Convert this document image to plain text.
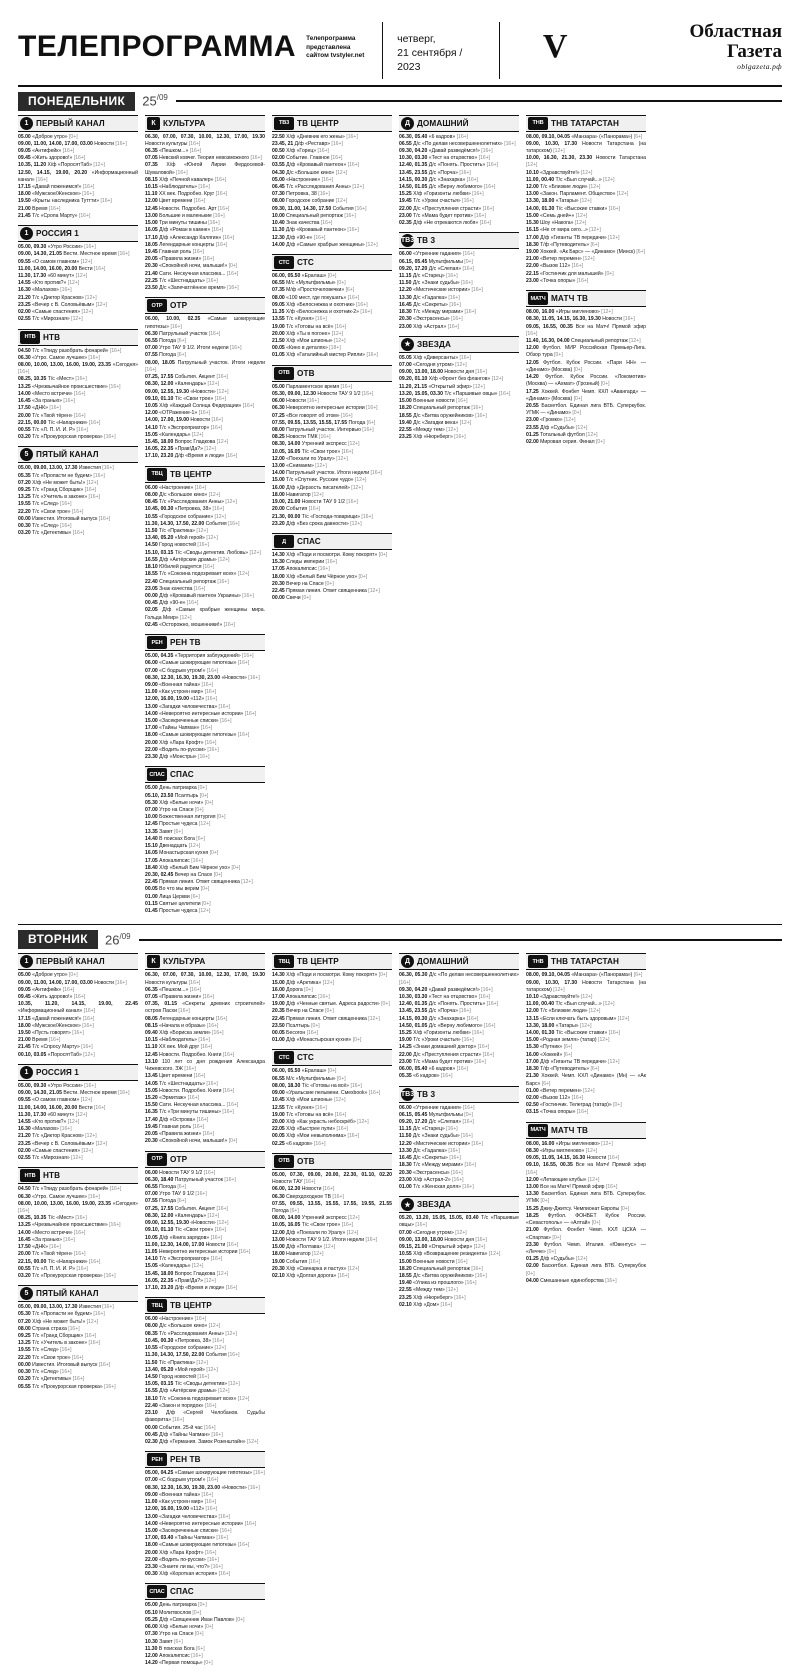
ТЕЛЕПРОГРАММА	Телепрограмма представлена сайтом tvstyler.net
четверг,
21 сентября / 2023
V	Областная
Газета
oblgazeta.рф
ПОНЕДЕЛЬНИК	$25^{/09}$
1 ПЕРВЫЙ КАНАЛ
05.00 «Доброе утро» [0+]
09.00, 11.00, 14.00, 17.00, 03.00 Новости [16+]
09.05 «Антифейк» [16+]
09.45 «Жить здорово!» [16+]
10.35, 11.20 Х/ф «ПоросятТаб» [12+]
12.50, 14.15, 19.00, 20.20 «Информационный канал» [16+]
17.15 «Давай поженимся!» [16+]
18.00 «Мужское/Женское» [16+]
19.50 «Крыты наследника Туттти» [16+]
21.00 Время [16+]
21.45 Т/с «Сропа Марту» [16+]
1 РОССИЯ 1
05.00, 09.30 «Утро России» [16+]
09.00, 14.30, 21.05 Вести. Местное время [16+]
09.55 «О самом главном» [12+]
11.00, 14.00, 16.00, 20.00 Вести [16+]
11.30, 17.30 «60 минут» [12+]
14.55 «Кто против?» [12+]
16.30 «Малахов» [16+]
21.20 Т/с «Диктор Краснов» [12+]
23.25 «Вечер с В. Соловьёвым» [12+]
02.00 «Самые спастения» [12+]
02.55 Т/с «Мирозная» [12+]
НТВ НТВ
04.50 Т/с «Тпиду разобрать фонарей» [16+]
06.30 «Утро. Самое лучшее» [16+]
08.00, 10.00, 13.00, 16.00, 19.00, 23.35 «Сегодня» [16+]
08.25, 10.35 Т/с «Мест» [16+]
13.25 «Чрезвычайное происшествие» [16+]
14.00 «Место встречи» [16+]
16.45 «За гранью» [16+]
17.50 «ДНК» [16+]
20.00 Т/с «Твой тёрен» [16+]
22.15, 00.00 Т/с «Напарники» [16+]
00.55 Т/с «Л. П. И. И. Р» [16+]
03.20 Т/с «Прокурорская проверка» [16+]
5 ПЯТЫЙ КАНАЛ
05.00, 09.00, 13.00, 17.30 Известия [16+]
05.35 Т/с «Пропасти не будем» [16+]
07.20 Х/ф «Не может быть!» [12+]
09.25 Т/с «Гранд Сборщик» [16+]
13.25 Т/с «Учитель в законе» [16+]
19.55 Т/с «След» [16+]
22.20 Т/с «Свои трое» [16+]
00.00 Известия. Итоговый выпуск [16+]
00.30 Т/с «След» [16+]
03.20 Т/с «Детективы» [16+]
К КУЛЬТУРА
06.30, 07.00, 07.30, 10.00, 12.30, 17.00, 19.30 Новости культуры [16+]
06.35 «Пешком...» [16+]
07.05 Невский ковчег. Теория невозможного [16+]
07.35 Х/ф «Юнгой Лирии Фердосевой-Шуваловой» [16+]
08.15 Х/ф «Печной кавалер» [16+]
10.15 «Наблюдатель» [16+]
11.10 ХХ век. Подробно. Круг [16+]
12.00 Цвет времени [16+]
12.45 Новости. Подробно. Арт [16+]
13.00 Большие и маленькие [16+]
15.00 Три минуты тишины [16+]
16.05 Д/ф «Роман в камне» [16+]
17.10 Д/ф «Александр Калягин» [16+]
18.05 Легендарные концерты [16+]
19.45 Главная роль [16+]
20.05 «Правила жизни» [16+]
20.30 «Спокойной ночи, малыши!» [0+]
21.40 Сати. Нескучная классика... [16+]
22.25 Т/с «Шестнадцать» [16+]
23.50 Д/с «Запечатлённое время» [16+]
ОТР ОТР
06.00, 10.00, 02.35 «Самые шокирующие гипотезы» [16+]
06.30 Патрульный участок [16+]
06.55 Погода [6+]
07.00 Утро ТАУ 9 1/2. Итоги недели [16+]
07.55 Погода [6+]
08.00, 18.05 Патрульный участок. Итоги недели [16+]
07.25, 17.55 События. Акцент [16+]
08.30, 12.00 «Календарь» [12+]
09.00, 12.55, 19.30 «Новости» [12+]
09.10, 01.10 Т/с «Свои трое» [16+]
10.05 Х/ф «Каждый Солнца Федерации» [16+]
12.00 «ОТРажение-1» [16+]
14.00, 17.00, 19.00 Новости [16+]
14.10 Т/с «Экспроприатор» [16+]
15.05 «Календарь» [12+]
15.45, 18.00 Вопрос Гладкова [12+]
16.05, 22.35 «Прав!Да?» [12+]
17.10, 23.20 Д/ф «Время и люди» [16+]
ТВЦ ТВ ЦЕНТР
06.00 «Настроение» [16+]
08.00 Д/с «Большое кино» [12+]
08.45 Т/с «Расследования Анны» [12+]
10.45, 00.30 «Петровка, 38» [16+]
10.55 «Городское собрание» [12+]
11.30, 14.30, 17.50, 22.00 События [16+]
11.50 Т/с «Практика» [12+]
13.40, 05.20 «Мой герой» [12+]
14.50 Город новостей [16+]
15.10, 03.15 Т/с «Своды детектив. Любовь» [12+]
16.55 Д/ф «Актёрские драмы» [12+]
18.10 Юбилей радуется [16+]
18.55 Т/с «Сокоина подозревает всех» [12+]
22.40 Специальный репортаж [16+]
23.05 Знак качества [16+]
00.00 Д/ф «Кровавый пантеон Украины» [16+]
00.45 Д/ф «90-е» [16+]
02.05 Д/ф «Самые храбрые женщины мира. Гольда Меир» [12+]
02.45 «Осторожно, мошенники!» [16+]
РЕН РЕН ТВ
05.00, 04.35 «Территория заблуждений» [16+]
06.00 «Самые шокирующие гипотезы» [16+]
07.00 «С бодрым утром!» [16+]
08.30, 12.30, 16.30, 19.30, 23.00 «Новости» [16+]
09.00 «Военная тайна» [16+]
11.00 «Как устроен мир» [16+]
12.00, 16.00, 19.00 «112» [16+]
13.00 «Загадки человечества» [16+]
14.00 «Невероятно интересные истории» [16+]
15.00 «Засекреченные списки» [16+]
17.00 «Тайны Чапман» [16+]
18.00 «Самые шокирующие гипотезы» [16+]
20.00 Х/ф «Лара Крофт» [16+]
22.00 «Водить по-русски» [16+]
23.30 Д/ф «Монстры» [16+]
СПАС СПАС
05.00 День патриарха [0+]
05.10, 23.50 Псалтырь [0+]
05.30 Х/ф «Белые ночи» [0+]
07.00 Утро на Спасе [0+]
10.00 Божественная литургия [0+]
12.45 Простые чудеса [12+]
13.35 Завет [6+]
14.40 В поисках Бога [6+]
15.10 Двенадцать [12+]
16.05 Монастырская кухня [0+]
17.05 Апокалипсис [16+]
18.40 Х/ф «Белый Бим Чёрное ухо» [0+]
20.30, 02.45 Вечер на Спасе [0+]
22.45 Прямая линия. Ответ священника [12+]
00.05 Во что мы верим [0+]
01.00 Лица Церкви [6+]
01.15 Святые целители [0+]
01.45 Простые чудеса [12+]
ТВ3 ТВ ЦЕНТР
22.50 Х/ф «Дневник его жены» [16+]
23.45, 21 Д/ф «Реставр» [16+]
00.50 Х/ф «Горец» [16+]
02.00 Событие. Главное [16+]
03.55 Д/ф «Кровавый пантеон» [16+]
04.30 Д/с «Большое кино» [12+]
05.00 «Настроение» [16+]
06.45 Т/с «Расследования Анны» [12+]
07.30 Петровка, 38 [16+]
08.00 Городское собрание [12+]
09.30, 11.00, 14.30, 17.50 События [16+]
10.00 Специальный репортаж [16+]
10.40 Знак качества [16+]
11.30 Д/ф «Кровавый пантеон» [16+]
12.30 Д/ф «90-е» [16+]
14.00 Д/ф «Самые храбрые женщины» [12+]
СТС СТС
06.00, 05.50 «Ералаш» [0+]
06.55 М/с «Мультфильмы» [0+]
07.35 М/ф «Просточеловечки» [6+]
08.00 «100 мест, где покушать» [16+]
09.05 Х/ф «Белоснежка и охотник» [16+]
11.35 Х/ф «Белоснежка и охотник-2» [16+]
13.55 Т/с «Кухня» [16+]
19.00 Т/с «Готовы на всё» [16+]
20.00 Х/ф «Ты в погоне» [12+]
21.50 Х/ф «Мои шпионы» [12+]
00.05 «Кино в деталях» [18+]
01.05 Х/ф «Гаталийный мистер Рипли» [16+]
ОТВ ОТВ
05.00 Парламентское время [16+]
05.30, 09.00, 12.30 Новости ТАУ 9 1/2 [16+]
06.00 Новости [16+]
06.30 Невероятно интересные истории [16+]
07.25 «Все говорят об этом» [16+]
07.55, 09.55, 13.55, 15.55, 17.55 Погода [6+]
08.00 Патрульный участок. Интервью [16+]
08.25 Новости ТМК [16+]
08.30, 14.00 Утренний экспресс [12+]
10.05, 16.05 Т/с «Свои трое» [16+]
12.00 «Поехали по Уралу» [12+]
13.00 «Снимаем» [12+]
14.00 Патрульный участок. Итоги недели [16+]
15.00 Т/с «Спутник. Русские чудо» [12+]
16.00 Д/ф «Дерзость писателей» [12+]
18.00 Навигатор [12+]
19.00, 21.00 Новости ТАУ 9 1/2 [16+]
20.00 События [16+]
21.30, 00.00 Т/с «Господа-товарищи» [16+]
23.20 Д/ф «Без срока давности» [12+]
Д	СПАС
14.30 Х/ф «Поди и посмотри. Кому покорят» [0+]
15.30 Следы империи [16+]
17.05 Апокалипсис [16+]
18.00 Х/ф «Белый Бим Чёрное ухо» [0+]
20.30 Вечер на Спасе [0+]
22.45 Прямая линия. Ответ священника [12+]
00.00 Свечи [0+]
Д ДОМАШНИЙ
06.30, 05.40 «6 кадров» [16+]
06.55 Д/с «По делам несовершеннолетних» [16+]
09.30, 04.20 «Давай разведёмся!» [16+]
10.30, 03.30 «Тест на отцовство» [16+]
12.40, 01.35 Д/с «Понять. Простить» [16+]
13.45, 23.55 Д/с «Порча» [16+]
14.15, 00.30 Д/с «Знахарка» [16+]
14.50, 01.05 Д/с «Верну любимого» [16+]
15.25 Х/ф «Горизонты любви» [16+]
19.45 Т/с «Уроки счастья» [16+]
22.00 Д/с «Преступления страсти» [16+]
23.00 Т/с «Мама будет против» [16+]
02.35 Д/ф «Не отрекаются любя» [16+]
ТВ3 ТВ 3
06.00 «Утренние гадания» [16+]
06.15, 05.45 Мультфильмы [0+]
09.20, 17.20 Д/с «Слепая» [16+]
11.15 Д/с «Старец» [16+]
11.50 Д/с «Знаки судьбы» [16+]
12.20 «Мистические истории» [16+]
13.30 Д/с «Гадалка» [16+]
16.45 Д/с «Секреты» [16+]
18.30 Т/с «Между мирами» [16+]
20.30 «Экстрасенсы» [16+]
23.00 Х/ф «Астрал» [16+]
★ ЗВЕЗДА
05.05 Х/ф «Диверсанты» [16+]
07.00 «Сегодня утром» [12+]
09.00, 13.00, 18.00 Новости дня [16+]
09.20, 01.10 Х/ф «Фронт без флангов» [12+]
11.20, 21.15 «Открытый эфир» [12+]
13.20, 15.05, 03.30 Т/с «Паршивые овцы» [16+]
15.00 Военные новости [16+]
18.20 Специальный репортаж [16+]
18.55 Д/с «Битва оружейников» [16+]
19.40 Д/с «Загадки века» [12+]
22.55 «Между тем» [12+]
23.25 Х/ф «Нюрнберг» [16+]
ТНВ ТНВ ТАТАРСТАН
08.00, 09.10, 04.05 «Манзара» («Панорама») [6+]
09.00, 10.30, 17.30 Новости Татарстана (на татарском) [12+]
10.00, 16.30, 21.30, 23.30 Новости Татарстана [12+]
10.10 «Здравствуйте!» [12+]
11.00, 00.40 Т/с «Был случай...» [12+]
12.00 Т/с «Близкие люди» [12+]
13.00 «Закон. Парламент. Общество» [12+]
13.30, 18.00 «Татары» [12+]
14.00, 01.30 Т/с «Высокие ставки» [16+]
15.00 «Семь дней+» [12+]
15.30 Шоу «Накога» [12+]
16.15 «Не от мира сего...» [12+]
17.00 Д/ф «Гиганты ТВ передачи» [12+]
18.30 Т/ф «Путеводитель» [6+]
19.00 Хоккей. «Ак Барс» — «Динамо» (Минск) [6+]
21.00 «Ветер перемен» [12+]
22.00 «Вызов 112» [16+]
22.15 «Гостинчик для малышей» [0+]
23.00 «Точка опоры» [16+]
МАТЧ МАТЧ ТВ
08.00, 16.00 «Игры мигленово» [12+]
08.30, 11.05, 14.15, 16.30, 19.30 Новости [16+]
09.05, 16.55, 00.35 Все на Матч! Прямой эфир [16+]
11.40, 16.30, 04.00 Специальный репортаж [12+]
12.00 Футбол. МИР Российская Премьер-Лига. Обзор тура [0+]
12.05 Футбол. Кубок России. «Пари НН» — «Динамо» (Москва) [0+]
14.20 Футбол. Кубок России. «Локомотив» (Москва) — «Ахмат» (Грозный) [0+]
17.25 Хоккей. Фонбет Чемп. КХЛ «Авангард» — «Динамо» (Москва) [0+]
20.55 Баскетбол. Единая лига ВТБ. Суперкубок. УГМК — «Динамо» [0+]
23.00 «Громко» [12+]
23.55 Д/ф «Судьбы» [12+]
01.25 Тотальный футбол [12+]
02.00 Мировая серия. Финал [0+]
ВТОРНИК	$26^{/09}$
1 ПЕРВЫЙ КАНАЛ
05.00 «Доброе утро» [0+]
09.00, 11.00, 14.00, 17.00, 03.00 Новости [16+]
09.05 «Антифейк» [16+]
09.45 «Жить здорово!» [16+]
10.35, 11.20, 14.15, 19.00, 22.45 «Информационный канал» [16+]
17.15 «Давай поженимся!» [16+]
18.00 «Мужское/Женское» [16+]
19.50 «Пусть говорят» [16+]
21.00 Время [16+]
21.45 Т/с «Спросу Марту» [16+]
00.10, 03.05 «ПоросятТаб» [12+]
1 РОССИЯ 1
05.00, 09.30 «Утро России» [16+]
09.00, 14.30, 21.05 Вести. Местное время [16+]
09.55 «О самом главном» [12+]
11.00, 14.00, 16.00, 20.00 Вести [16+]
11.30, 17.30 «60 минут» [12+]
14.55 «Кто против?» [12+]
16.30 «Малахов» [16+]
21.20 Т/с «Диктор Краснов» [12+]
23.25 «Вечер с В. Соловьёвым» [12+]
02.00 «Самые спастения» [12+]
02.55 Т/с «Мирозная» [12+]
НТВ НТВ
04.50 Т/с «Тпиду разобрать фонарей» [16+]
06.30 «Утро. Самое лучшее» [16+]
08.00, 10.00, 13.00, 16.00, 19.00, 23.35 «Сегодня» [16+]
08.25, 10.35 Т/с «Мест» [16+]
13.25 «Чрезвычайное происшествие» [16+]
14.00 «Место встречи» [16+]
16.45 «За гранью» [16+]
17.50 «ДНК» [16+]
20.00 Т/с «Твой тёрен» [16+]
22.15, 00.00 Т/с «Напарники» [16+]
00.55 Т/с «Л. П. И. И. Р» [16+]
03.20 Т/с «Прокурорская проверка» [16+]
5 ПЯТЫЙ КАНАЛ
05.00, 09.00, 13.00, 17.30 Известия [16+]
05.30 Т/с «Пропасти не будем» [16+]
07.20 Х/ф «Не может быть!» [12+]
08.00 Страна страха [16+]
09.25 Т/с «Гранд Сборщик» [16+]
13.25 Т/с «Учитель в законе» [16+]
19.55 Т/с «След» [16+]
22.20 Т/с «Свои трое» [16+]
00.00 Известия. Итоговый выпуск [16+]
00.30 Т/с «След» [16+]
03.20 Т/с «Детективы» [16+]
05.55 Т/с «Прокурорская проверка» [16+]
К КУЛЬТУРА
06.30, 07.00, 07.30, 10.00, 12.30, 17.00, 19.30 Новости культуры [16+]
06.35 «Пешком...» [16+]
07.05 «Правила жизни» [16+]
07.35, 01.15 «Секреты древних строителей» остров Пасхи [16+]
08.05 Легендарные концерты [16+]
08.15 «Начала и образы» [16+]
09.40 Х/ф «Бориска земли» [16+]
10.15 «Наблюдатель» [16+]
11.10 ХХ век. Мой друг [16+]
12.45 Новости. Подробно. Книги [16+]
13.10 110 лет со дня рождения Александра Чижевского. ЗЖ [16+]
13.45 Цвет времени [16+]
14.05 Т/с «Шестнадцать» [16+]
15.05 Новости. Подробно. Книги [16+]
15.20 «Эрмитаж» [16+]
15.50 Сати. Нескучная классика... [16+]
16.35 Т/с «Три минуты тишины» [16+]
17.40 Д/ф «Острова» [16+]
19.45 Главная роль [16+]
20.05 «Правила жизни» [16+]
20.30 «Спокойной ночи, малыши!» [0+]
ОТР ОТР
06.00 Новости ТАУ 9 1/2 [16+]
06.30, 18.40 Патрульный участок [16+]
06.55 Погода [6+]
07.00 Утро ТАУ 9 1/2 [16+]
07.55 Погода [6+]
07.25, 17.55 События. Акцент [16+]
08.30, 12.00 «Календарь» [12+]
09.00, 12.55, 19.30 «Новости» [12+]
09.10, 01.10 Т/с «Свои трое» [16+]
10.05 Д/ф «Книга зарядов» [16+]
11.00, 12.30, 14.00, 17.00 Новости [16+]
11.05 Невероятно интересные истории [16+]
14.10 Т/с «Экспроприатор» [16+]
15.05 «Календарь» [12+]
15.45, 18.00 Вопрос Гладкова [12+]
16.05, 22.35 «Прав!Да?» [12+]
17.10, 23.20 Д/ф «Время и люди» [16+]
ТВЦ ТВ ЦЕНТР
06.00 «Настроение» [16+]
08.00 Д/с «Большое кино» [12+]
08.35 Т/с «Расследования Анны» [12+]
10.45, 00.30 «Петровка, 38» [16+]
10.55 «Городское собрание» [12+]
11.30, 14.30, 17.50, 22.00 События [16+]
11.50 Т/с «Практика» [12+]
13.40, 05.20 «Мой герой» [12+]
14.50 Город новостей [16+]
15.05, 03.15 Т/с «Своды детектив» [12+]
16.55 Д/ф «Актёрские драмы» [12+]
18.10 Т/с «Сокоина подозревает всех» [12+]
22.40 «Закон и порядок» [16+]
23.10 Д/ф «Сергей Челобанов. Судьбы фаворита» [16+]
00.00 События. 25-й час [16+]
00.45 Д/ф «Тайны Чапман» [16+]
02.30 Д/ф «Германия. Замок Розенштайн» [12+]
РЕН РЕН ТВ
05.00, 04.25 «Самые шокирующие гипотезы» [16+]
07.00 «С бодрым утром!» [16+]
08.30, 12.30, 16.30, 19.30, 23.00 «Новости» [16+]
09.00 «Военная тайна» [16+]
11.00 «Как устроен мир» [16+]
12.00, 16.00, 19.00 «112» [16+]
13.00 «Загадки человечества» [16+]
14.00 «Невероятно интересные истории» [16+]
15.00 «Засекреченные списки» [16+]
17.00, 03.40 «Тайны Чапман» [16+]
18.00 «Самые шокирующие гипотезы» [16+]
20.00 Х/ф «Лара Крофт» [16+]
22.00 «Водить по-русски» [16+]
23.30 «Знаете ли вы, что?» [16+]
00.30 Х/ф «Короткая история» [16+]
СПАС СПАС
05.00 День патриарха [0+]
05.10 Молитвослов [0+]
05.25 Д/ф «Священник Иван Павлов» [0+]
06.00 Х/ф «Белые ночи» [0+]
07.30 Утро на Спасе [0+]
10.30 Завет [6+]
11.30 В поисках Бога [6+]
12.00 Апокалипсис [16+]
14.20 «Первая помощь» [0+]
ТВЦ ТВ ЦЕНТР
14.30 Х/ф «Поди и посмотри. Кому покорят» [0+]
15.00 Д/ф «Арктика» [12+]
16.00 Дорога [0+]
17.00 Апокалипсис [16+]
19.00 Д/ф «Ченные святые. Адреса радости» [0+]
20.35 Вечер на Спасе [0+]
22.45 Прямая линия. Ответ священника [12+]
23.50 Псалтырь [0+]
00.05 Бесогон [16+]
01.00 Д/ф «Монастырская кухня» [0+]
СТС СТС
06.00, 05.50 «Ералаш» [0+]
06.55 М/с «Мультфильмы» [0+]
08.00, 18.30 Т/с «Готовы на всё» [16+]
09.00 «Уральские пельмени. Смехbook» [16+]
10.45 Х/ф «Мои шпионы» [12+]
12.55 Т/с «Кухня» [16+]
19.00 Т/с «Готовы на всё» [16+]
20.00 Х/ф «Как украсть небоскрёб» [12+]
22.05 Х/ф «Быстрее пули» [16+]
00.05 Х/ф «Мои невыполнима» [16+]
02.25 «6 кадров» [16+]
ОТВ ОТВ
05.00, 07.30, 09.00, 20.00, 22.30, 01.10, 02.20 Новости ТАУ [16+]
06.00, 12.30 Новости [16+]
06.30 Сверхдоходное ТВ [16+]
07.55, 09.55, 13.55, 15.55, 17.55, 19.55, 21.55 Погода [6+]
08.00, 14.00 Утренний экспресс [12+]
10.05, 16.05 Т/с «Свои трое» [16+]
12.00 Д/ф «Поехали по Уралу» [12+]
13.00 Новости ТАУ 9 1/2. Итоги недели [16+]
15.00 Д/ф «Полтава» [12+]
18.00 Навигатор [12+]
19.00 События [16+]
20.30 Х/ф «Свинарка и пастух» [12+]
02.10 Х/ф «Долгая дорога» [16+]
Д ДОМАШНИЙ
06.30, 05.30 Д/с «По делам несовершеннолетних» [16+]
09.30, 04.20 «Давай разведёмся!» [16+]
10.30, 03.30 «Тест на отцовство» [16+]
12.40, 01.35 Д/с «Понять. Простить» [16+]
13.45, 23.55 Д/с «Порча» [16+]
14.15, 00.30 Д/с «Знахарка» [16+]
14.50, 01.05 Д/с «Верну любимого» [16+]
15.25 Х/ф «Горизонты любви» [16+]
19.00 Т/с «Уроки счастья» [16+]
14.25 «Знаки домашний доктор» [16+]
22.00 Д/с «Преступления страсти» [16+]
23.00 Т/с «Мама будет против» [16+]
06.00, 05.40 «6 кадров» [16+]
05.35 «6 кадров» [16+]
ТВ3 ТВ 3
06.00 «Утренние гадания» [16+]
06.15, 05.45 Мультфильмы [0+]
09.20, 17.20 Д/с «Слепая» [16+]
11.15 Д/с «Старец» [16+]
11.50 Д/с «Знаки судьбы» [16+]
12.20 «Мистические истории» [16+]
13.30 Д/с «Гадалка» [16+]
16.45 Д/с «Секреты» [16+]
18.30 Т/с «Между мирами» [16+]
20.30 «Экстрасенсы» [16+]
23.00 Х/ф «Астрал-2» [16+]
01.00 Т/с «Женская доля» [16+]
★ ЗВЕЗДА
05.20, 13.20, 15.05, 15.05, 03.40 Т/с «Паршивые овцы» [16+]
07.00 «Сегодня утром» [12+]
09.00, 13.00, 18.00 Новости дня [16+]
09.15, 21.00 «Открытый эфир» [12+]
10.55 Х/ф «Возвращение резидента» [12+]
15.00 Военные новости [16+]
18.20 Специальный репортаж [16+]
18.55 Д/с «Битва оружейников» [16+]
19.40 «Улика из прошлого» [16+]
22.55 «Между тем» [12+]
23.25 Х/ф «Нюрнберг» [16+]
02.10 Х/ф «Дом» [16+]
ТНВ ТНВ ТАТАРСТАН
08.00, 09.10, 04.05 «Манзара» («Панорама») [6+]
09.00, 10.30, 17.30 Новости Татарстана (на татарском) [12+]
10.10 «Здравствуйте!» [12+]
11.00, 00.40 Т/с «Был случай...» [12+]
12.00 Т/с «Близкие люди» [12+]
13.15 «Если ключать быть здоровым» [12+]
13.30, 18.00 «Татары» [12+]
14.00, 01.30 Т/с «Высокие ставки» [16+]
15.00 «Родная земля» (татар) [12+]
15.30 «Путник» [6+]
16.00 «Хоккей» [6+]
17.00 Д/ф «Гиганты ТВ передачи» [12+]
18.30 Т/ф «Путеводитель» [6+]
21.30 Хоккей. Чемп. КХЛ «Динамо» (Мн) — «Ак Барс» [6+]
01.00 «Ветер перемен» [12+]
02.00 «Вызов 112» [16+]
02.50 «Гостинчик. Телеград (татар)» [0+]
03.15 «Точка опоры» [16+]
МАТЧ МАТЧ ТВ
08.00, 16.00 «Игры мигленово» [12+]
08.30 «Игры мигленово» [12+]
09.05, 11.05, 14.15, 16.30 Новости [16+]
09.10, 16.55, 00.35 Все на Матч! Прямой эфир [16+]
12.00 «Летающие клубы» [12+]
13.00 Все на Матч! Прямой эфир [16+]
13.30 Баскетбол. Единая лига ВТБ. Суперкубок. УГМК [0+]
15.25 Джиу-Джитсу. Чемпионат Европы [0+]
18.25 Футбол. ФОНБЕТ Кубок России. «Севастополь» — «Алтай» [0+]
21.00 Футбол. Фонбет Чемп. КХЛ ЦСКА — «Спартак» [0+]
23.30 Футбол. Чемп. Италия. «Ювентус» — «Лечче» [0+]
01.25 Д/ф «Судьбы» [12+]
02.00 Баскетбол. Единая лига ВТБ. Суперкубок [0+]
04.00 Смешанные единоборства [16+]
